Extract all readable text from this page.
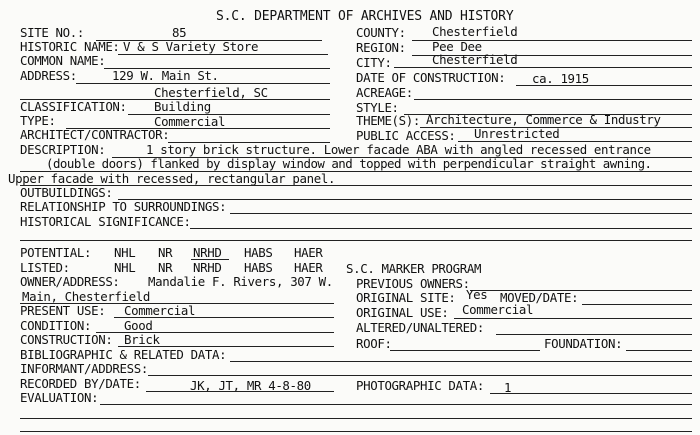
S.C. DEPARTMENT OF ARCHIVES AND HISTORY
SITE NO.:	85
HISTORIC NAME: V & S Variety Store
COMMON NAME:
ADDRESS:	129 W. Main St.
Chesterfield, SC
CLASSIFICATION: Building
TYPE:	Commercial
ARCHITECT/CONTRACTOR:
COUNTY: Chesterfield
REGION: Pee Dee
CITY:	Chesterfield
DATE OF CONSTRUCTION: ca. 1915
ACREAGE:
STYLE:
THEME(S): Architecture, Commerce & Industry
PUBLIC ACCESS: Unrestricted
DESCRIPTION:	1 story brick structure. Lower facade ABA with angled recessed entrance
(double doors) flanked by display window and topped with perpendicular straight awning.
Upper facade with recessed, rectangular panel.
OUTBUILDINGS:
RELATIONSHIP TO SURROUNDINGS:
HISTORICAL SIGNIFICANCE:
POTENTIAL: NHL NR NRHD HABS HAER
LISTED:	NHL NR NRHD HABS HAER S.C. MARKER PROGRAM
OWNER/ADDRESS: Mandalie F. Rivers, 307 W.
Main, Chesterfield
PREVIOUS OWNERS:
ORIGINAL SITE: Yes MOVED/DATE:
PRESENT USE: Commercial	ORIGINAL USE: Commercial
CONDITION:	Good	ALTERED/UNALTERED:
CONSTRUCTION: Brick	ROOF:	FOUNDATION:
BIBLIOGRAPHIC & RELATED DATA:
INFORMANT/ADDRESS:
RECORDED BY/DATE:	JK, JT, MR 4-8-80	PHOTOGRAPHIC DATA: 1
EVALUATION:
